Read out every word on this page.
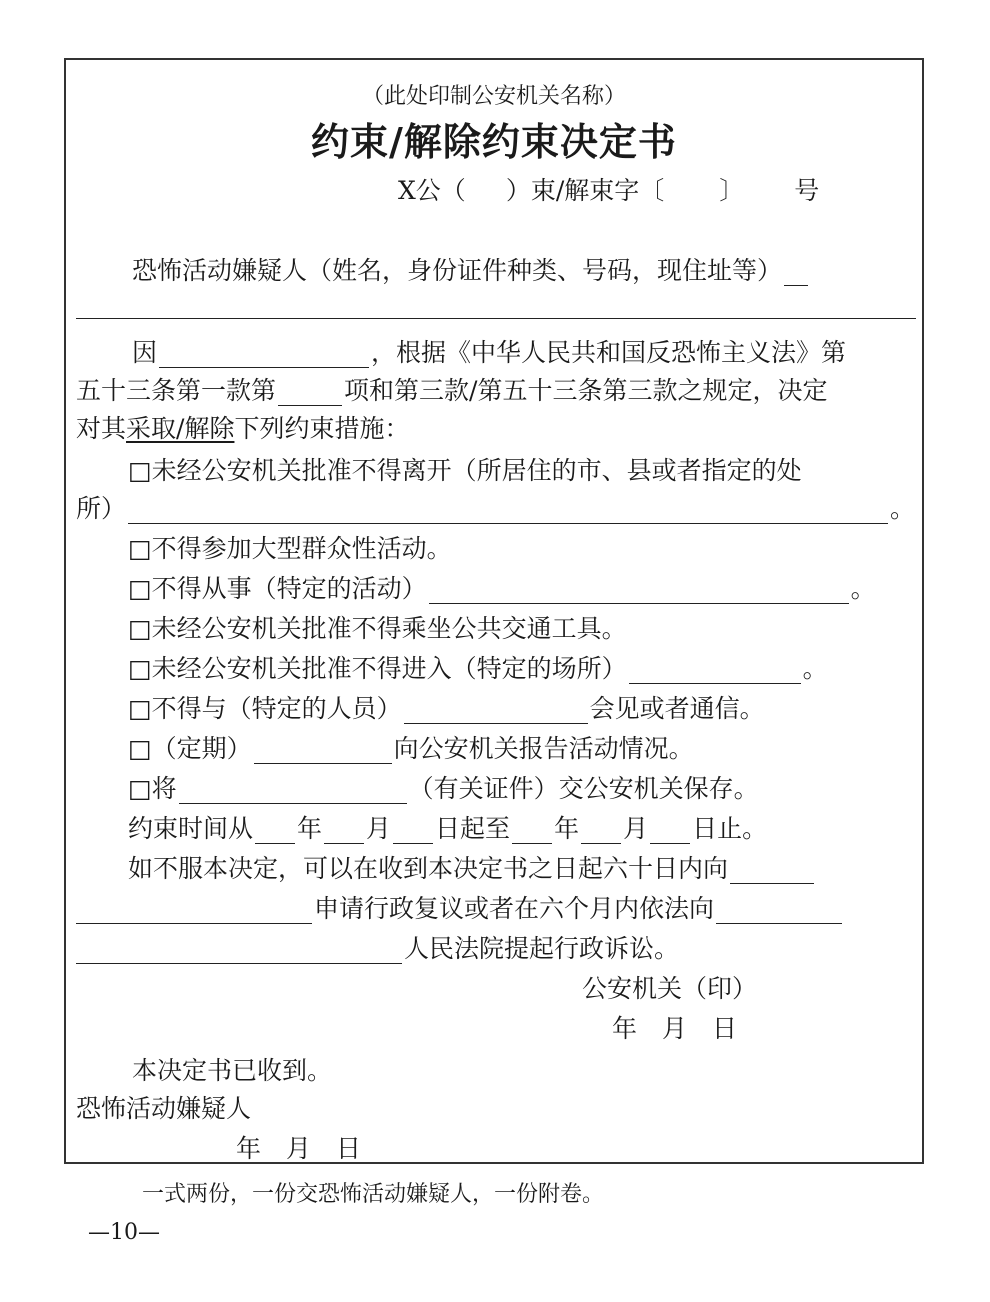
（此处印制公安机关名称）
约束/解除约束决定书
X公（ ）束/解束字〔 〕 号
恐怖活动嫌疑人（姓名，身份证件种类、号码，现住址等）
因	，根据《中华人民共和国反恐怖主义法》第
五十三条第一款第	项和第三款/第五十三条第三款之规定，决定
对其采取/解除下列约束措施：
□未经公安机关批准不得离开（所居住的市、县或者指定的处
所）	。
□不得参加大型群众性活动。
□不得从事（特定的活动）	。
□未经公安机关批准不得乘坐公共交通工具。
□未经公安机关批准不得进入（特定的场所）	。
□不得与（特定的人员）	会见或者通信。
□（定期）	向公安机关报告活动情况。
□将	（有关证件）交公安机关保存。
约束时间从 年 月 日起至 年 月 日止。
如不服本决定，可以在收到本决定书之日起六十日内向
申请行政复议或者在六个月内依法向
人民法院提起行政诉讼。
公安机关（印）
年　月　日
本决定书已收到。
恐怖活动嫌疑人
年　月　日
一式两份，一份交恐怖活动嫌疑人，一份附卷。
—10—
